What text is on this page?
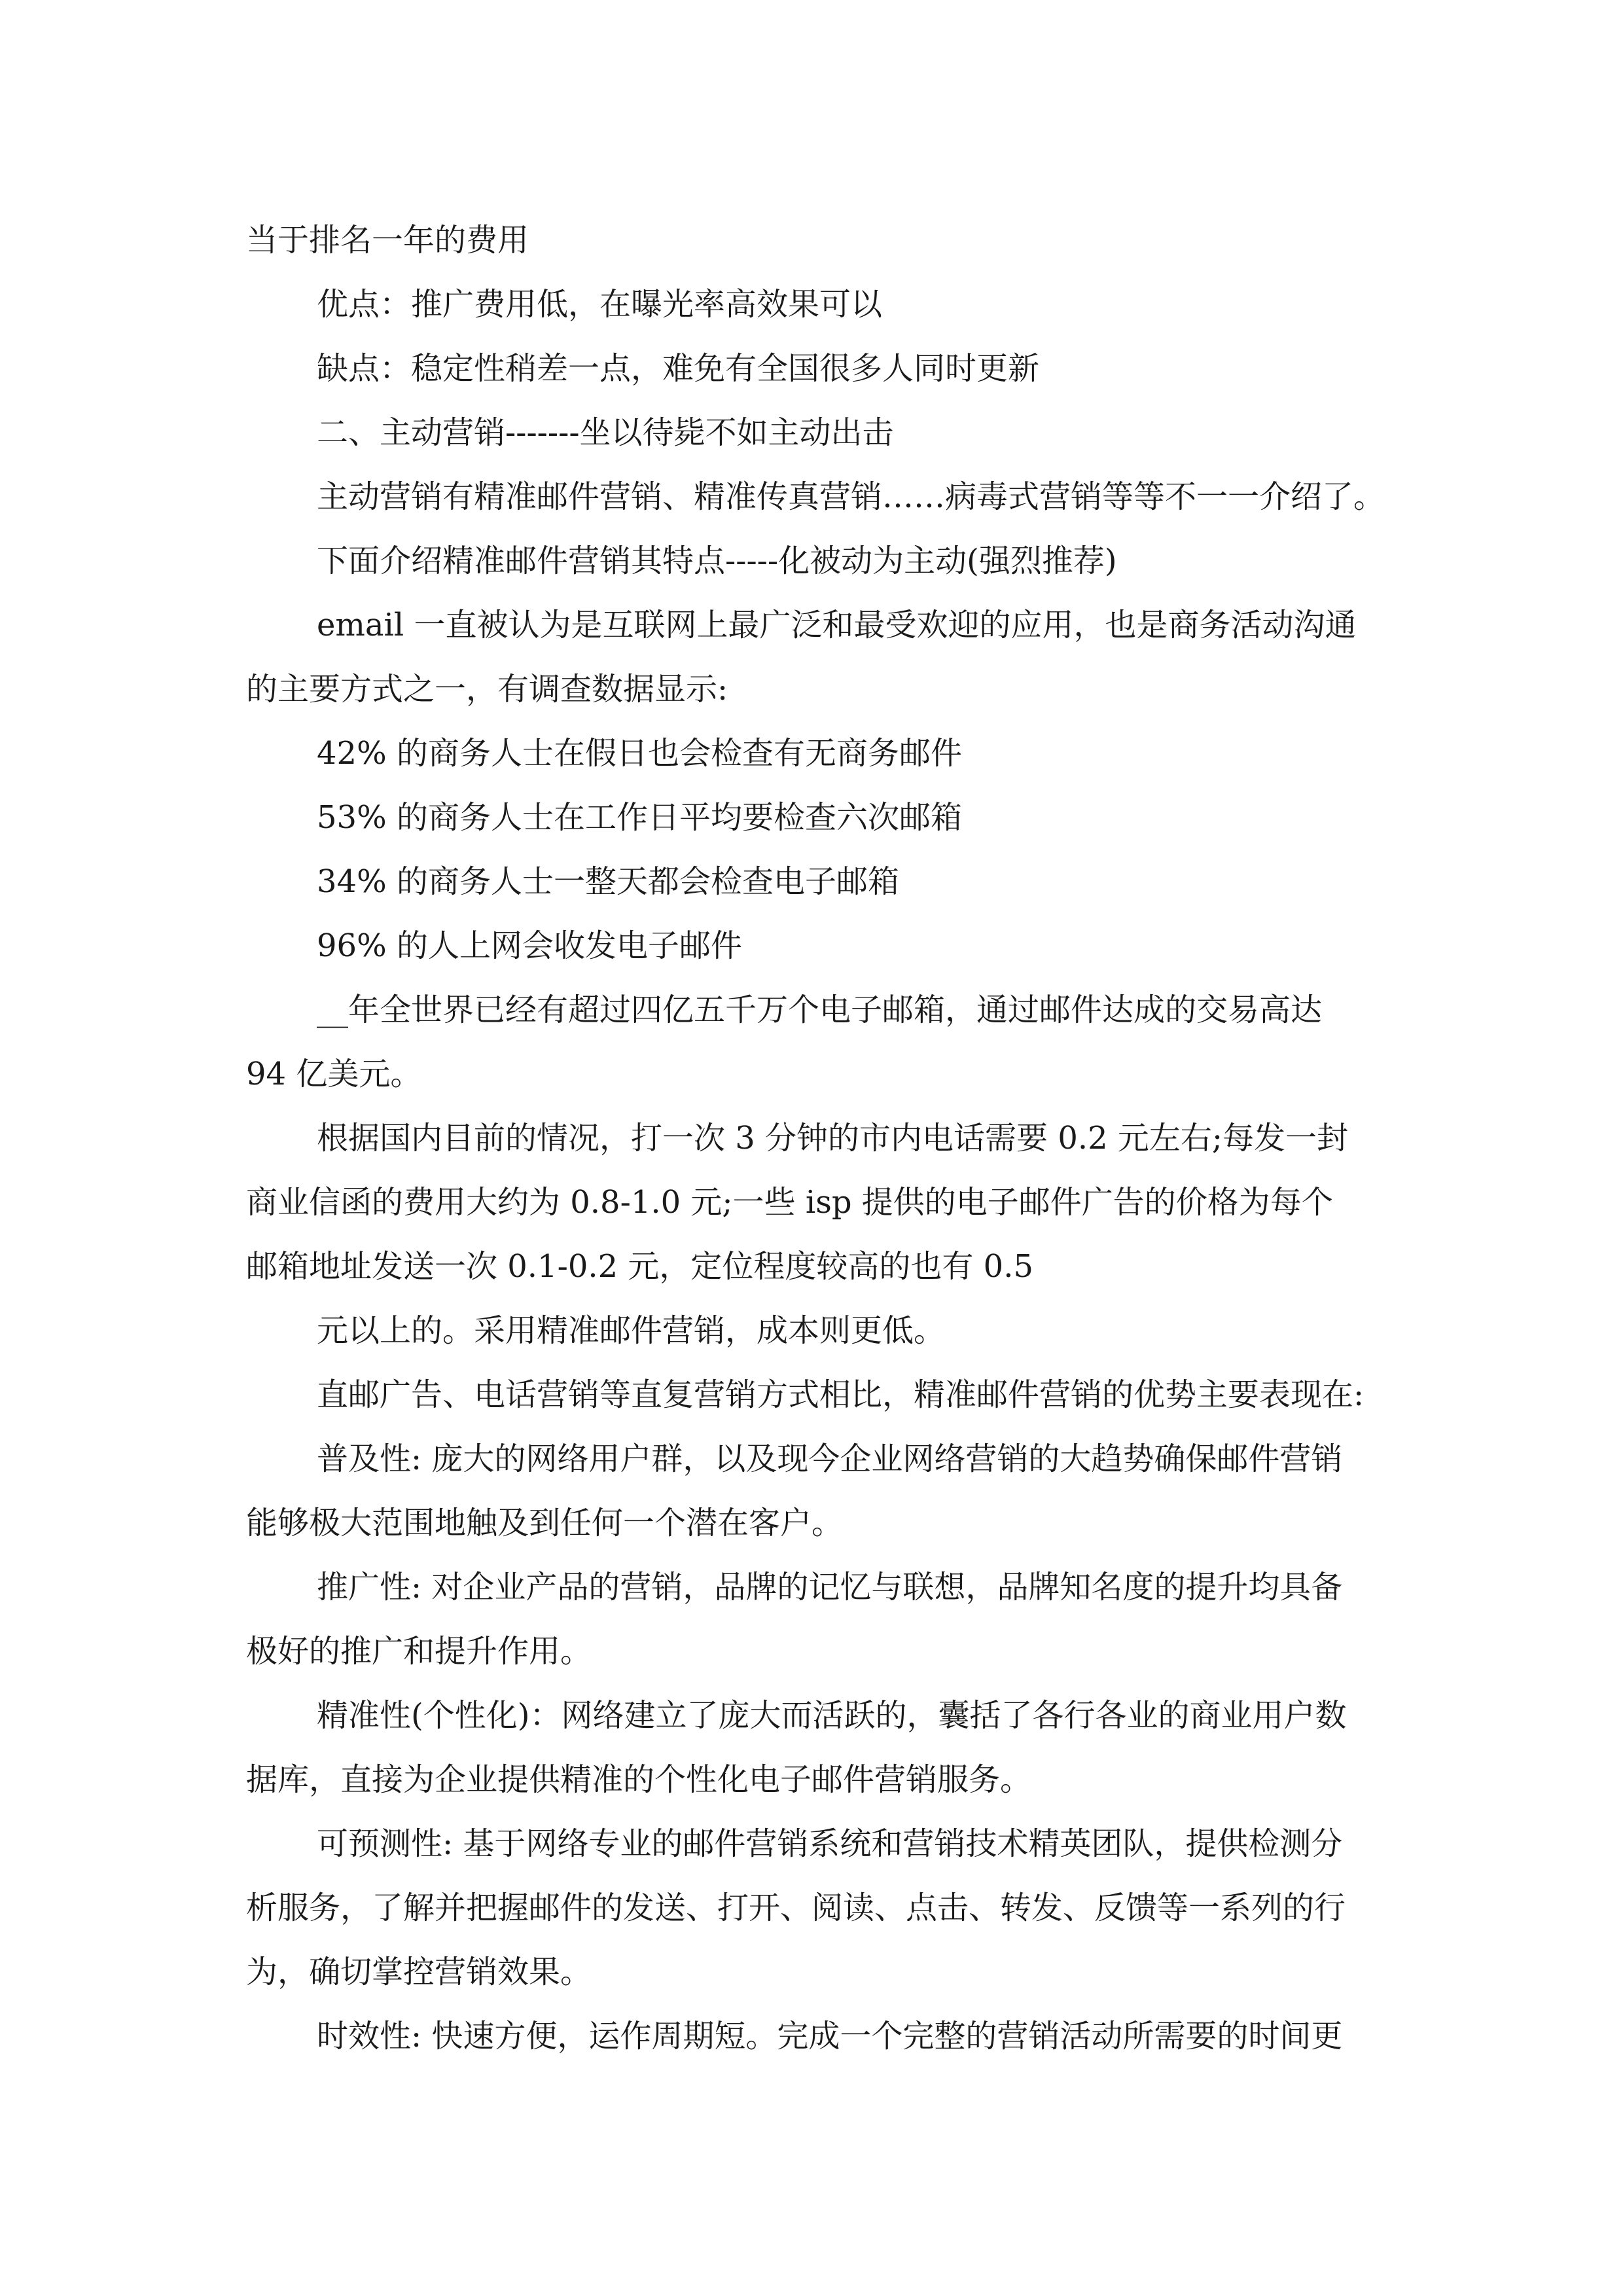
当于排名一年的费用
优点：推广费用低，在曝光率高效果可以
缺点：稳定性稍差一点，难免有全国很多人同时更新
二、主动营销-------坐以待毙不如主动出击
主动营销有精准邮件营销、精准传真营销……病毒式营销等等不一一介绍了。
下面介绍精准邮件营销其特点-----化被动为主动(强烈推荐)
email 一直被认为是互联网上最广泛和最受欢迎的应用，也是商务活动沟通
的主要方式之一，有调查数据显示:
42% 的商务人士在假日也会检查有无商务邮件
53% 的商务人士在工作日平均要检查六次邮箱
34% 的商务人士一整天都会检查电子邮箱
96% 的人上网会收发电子邮件
__年全世界已经有超过四亿五千万个电子邮箱，通过邮件达成的交易高达
94 亿美元。
根据国内目前的情况，打一次 3 分钟的市内电话需要 0.2 元左右;每发一封
商业信函的费用大约为 0.8-1.0 元;一些 isp 提供的电子邮件广告的价格为每个
邮箱地址发送一次 0.1-0.2 元，定位程度较高的也有 0.5
元以上的。采用精准邮件营销，成本则更低。
直邮广告、电话营销等直复营销方式相比，精准邮件营销的优势主要表现在:
普及性: 庞大的网络用户群，以及现今企业网络营销的大趋势确保邮件营销
能够极大范围地触及到任何一个潜在客户。
推广性: 对企业产品的营销，品牌的记忆与联想，品牌知名度的提升均具备
极好的推广和提升作用。
精准性(个性化)：网络建立了庞大而活跃的，囊括了各行各业的商业用户数
据库，直接为企业提供精准的个性化电子邮件营销服务。
可预测性: 基于网络专业的邮件营销系统和营销技术精英团队，提供检测分
析服务，了解并把握邮件的发送、打开、阅读、点击、转发、反馈等一系列的行
为，确切掌控营销效果。
时效性: 快速方便，运作周期短。完成一个完整的营销活动所需要的时间更
